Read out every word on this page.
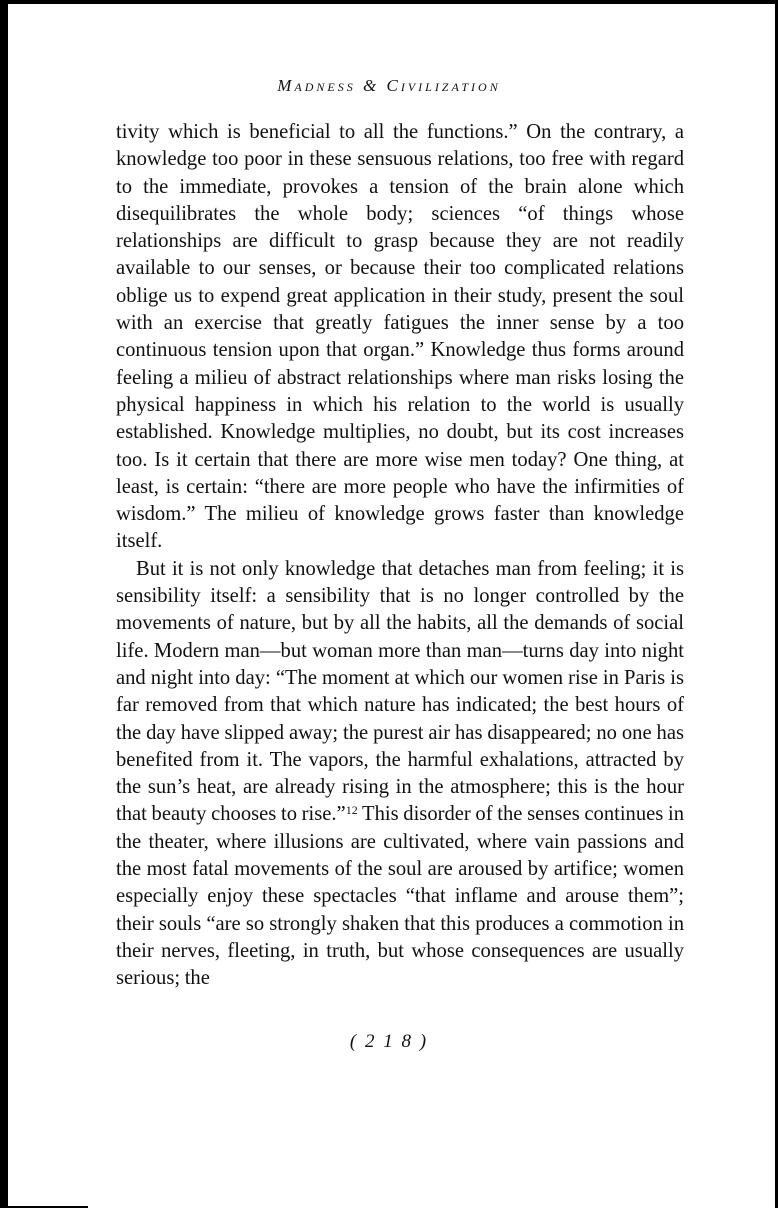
Madness & Civilization

tivity which is beneficial to all the functions.” On the contrary, a knowledge too poor in these sensuous relations, too free with regard to the immediate, provokes a tension of the brain alone which disequilibrates the whole body; sciences “of things whose relationships are difficult to grasp because they are not readily available to our senses, or because their too complicated relations oblige us to expend great application in their study, present the soul with an exercise that greatly fatigues the inner sense by a too continuous tension upon that organ.” Knowledge thus forms around feeling a milieu of abstract relationships where man risks losing the physical happiness in which his relation to the world is usually established. Knowledge multiplies, no doubt, but its cost increases too. Is it certain that there are more wise men today? One thing, at least, is certain: “there are more people who have the infirmities of wisdom.” The milieu of knowledge grows faster than knowledge itself.

But it is not only knowledge that detaches man from feeling; it is sensibility itself: a sensibility that is no longer controlled by the movements of nature, but by all the habits, all the demands of social life. Modern man—but woman more than man—turns day into night and night into day: “The moment at which our women rise in Paris is far removed from that which nature has indicated; the best hours of the day have slipped away; the purest air has disappeared; no one has benefited from it. The vapors, the harmful exhalations, attracted by the sun’s heat, are already rising in the atmosphere; this is the hour that beauty chooses to rise.”$^{12}$ This disorder of the senses continues in the theater, where illusions are cultivated, where vain passions and the most fatal movements of the soul are aroused by artifice; women especially enjoy these spectacles “that inflame and arouse them”; their souls “are so strongly shaken that this produces a commotion in their nerves, fleeting, in truth, but whose consequences are usually serious; the

( 2 1 8 )
